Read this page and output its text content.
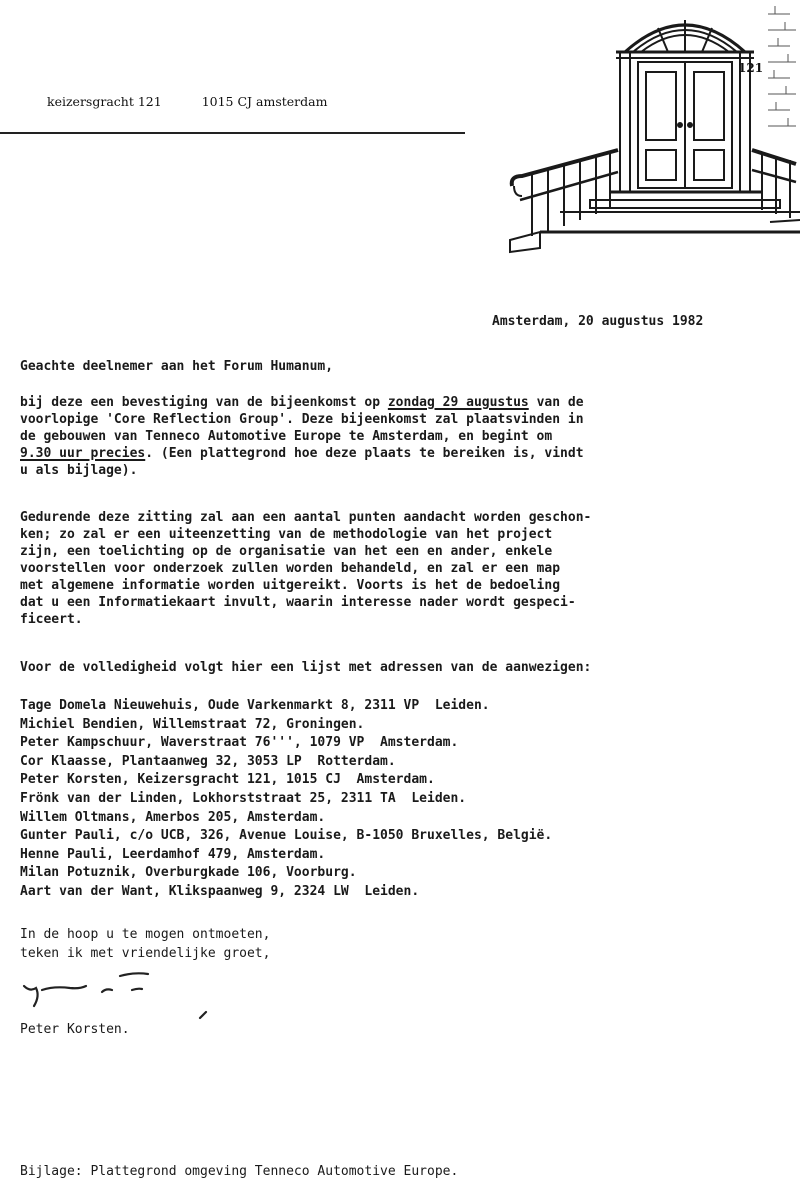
keizersgracht 121	1015 CJ amsterdam
121
Amsterdam, 20 augustus 1982
Geachte deelnemer aan het Forum Humanum,
bij deze een bevestiging van de bijeenkomst op zondag 29 augustus van de
voorlopige 'Core Reflection Group'. Deze bijeenkomst zal plaatsvinden in
de gebouwen van Tenneco Automotive Europe te Amsterdam, en begint om
9.30 uur precies. (Een plattegrond hoe deze plaats te bereiken is, vindt
u als bijlage).
Gedurende deze zitting zal aan een aantal punten aandacht worden geschon-
ken; zo zal er een uiteenzetting van de methodologie van het project
zijn, een toelichting op de organisatie van het een en ander, enkele
voorstellen voor onderzoek zullen worden behandeld, en zal er een map
met algemene informatie worden uitgereikt. Voorts is het de bedoeling
dat u een Informatiekaart invult, waarin interesse nader wordt gespeci-
ficeert.
Voor de volledigheid volgt hier een lijst met adressen van de aanwezigen:
Tage Domela Nieuwehuis, Oude Varkenmarkt 8, 2311 VP  Leiden.
Michiel Bendien, Willemstraat 72, Groningen.
Peter Kampschuur, Waverstraat 76''', 1079 VP  Amsterdam.
Cor Klaasse, Plantaanweg 32, 3053 LP  Rotterdam.
Peter Korsten, Keizersgracht 121, 1015 CJ  Amsterdam.
Frönk van der Linden, Lokhorststraat 25, 2311 TA  Leiden.
Willem Oltmans, Amerbos 205, Amsterdam.
Gunter Pauli, c/o UCB, 326, Avenue Louise, B-1050 Bruxelles, België.
Henne Pauli, Leerdamhof 479, Amsterdam.
Milan Potuznik, Overburgkade 106, Voorburg.
Aart van der Want, Klikspaanweg 9, 2324 LW  Leiden.
In de hoop u te mogen ontmoeten,
teken ik met vriendelijke groet,
Peter Korsten.
Bijlage: Plattegrond omgeving Tenneco Automotive Europe.
